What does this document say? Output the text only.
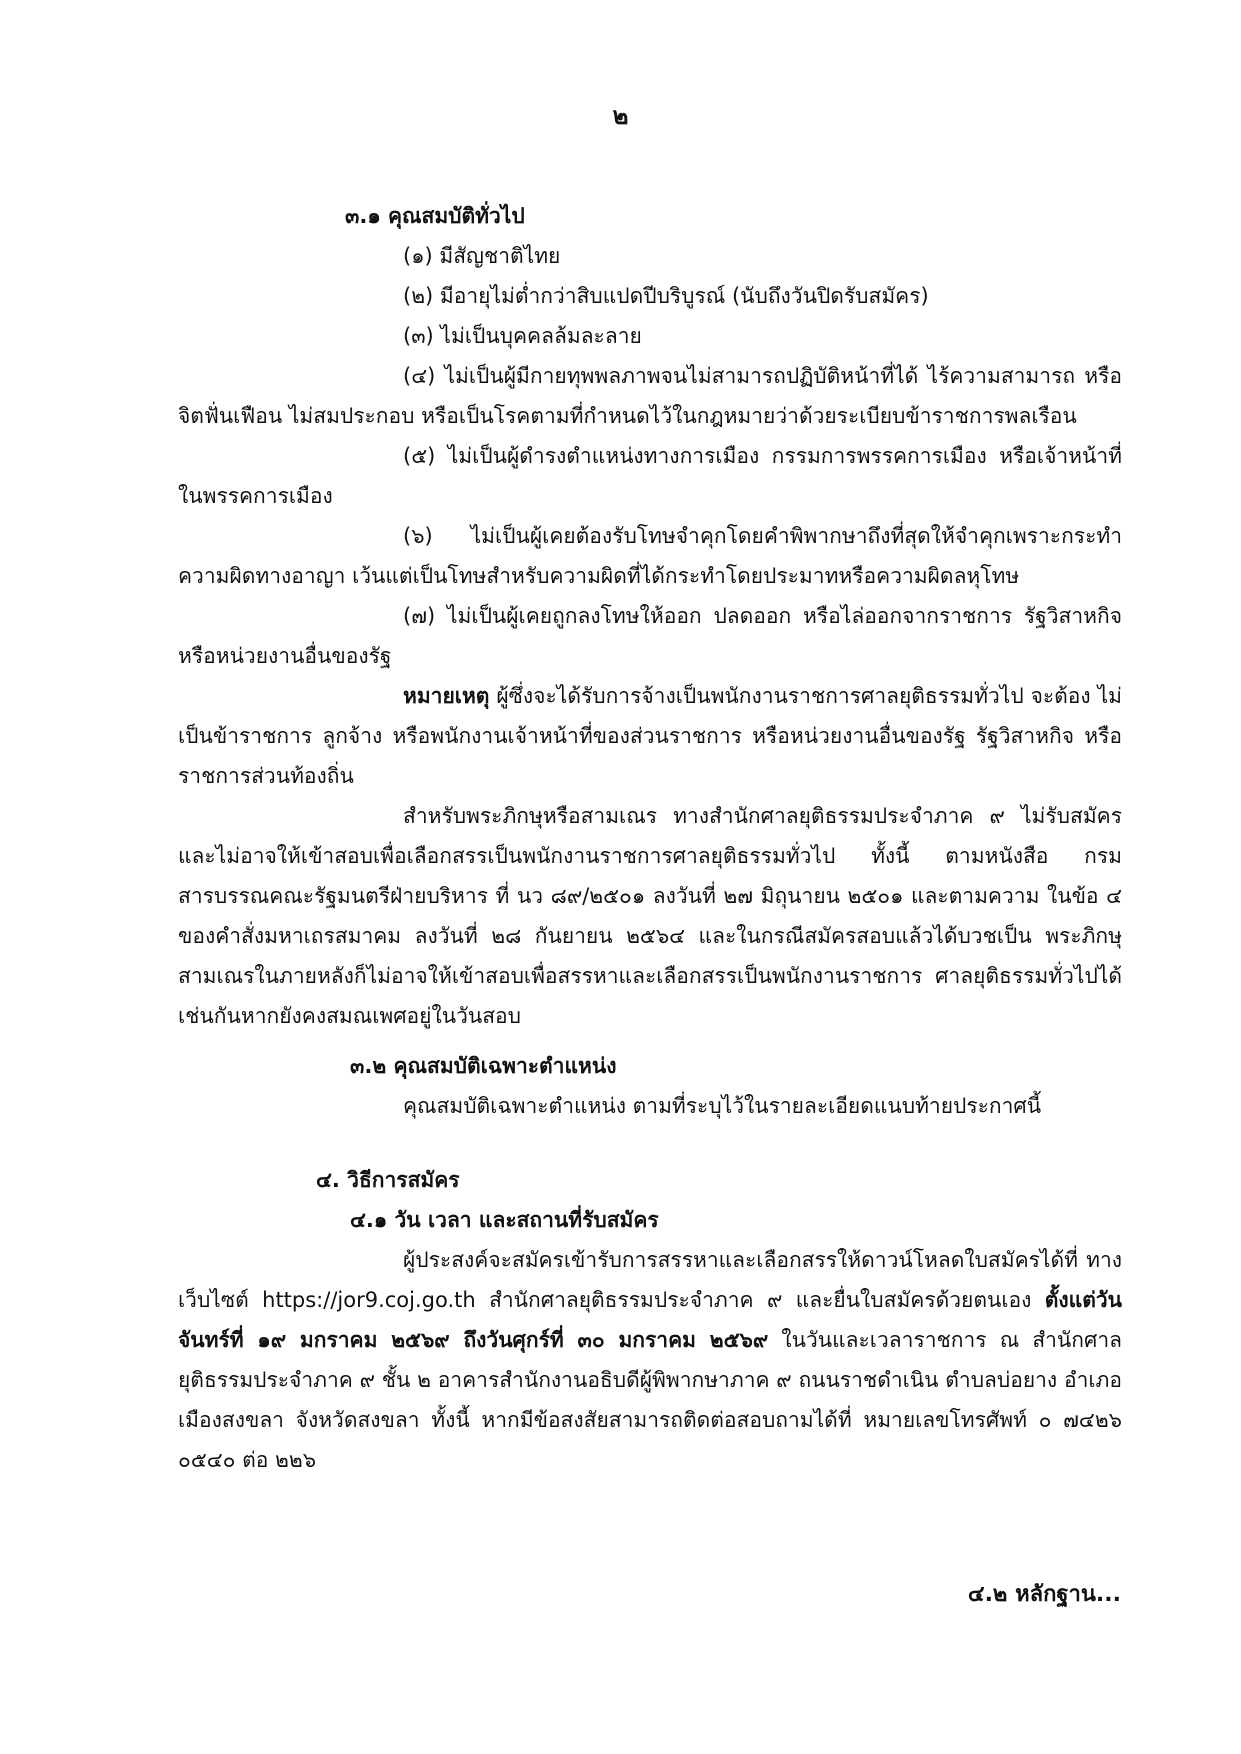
๒

๓.๑ คุณสมบัติทั่วไป

(๑) มีสัญชาติไทย

(๒) มีอายุไม่ต่ำกว่าสิบแปดปีบริบูรณ์ (นับถึงวันปิดรับสมัคร)

(๓) ไม่เป็นบุคคลล้มละลาย

(๔) ไม่เป็นผู้มีกายทุพพลภาพจนไม่สามารถปฏิบัติหน้าที่ได้ ไร้ความสามารถ หรือจิตฟั่นเฟือน ไม่สมประกอบ หรือเป็นโรคตามที่กำหนดไว้ในกฎหมายว่าด้วยระเบียบข้าราชการพลเรือน

(๕) ไม่เป็นผู้ดำรงตำแหน่งทางการเมือง กรรมการพรรคการเมือง หรือเจ้าหน้าที่ ในพรรคการเมือง

(๖) ไม่เป็นผู้เคยต้องรับโทษจำคุกโดยคำพิพากษาถึงที่สุดให้จำคุกเพราะกระทำ ความผิดทางอาญา เว้นแต่เป็นโทษสำหรับความผิดที่ได้กระทำโดยประมาทหรือความผิดลหุโทษ

(๗) ไม่เป็นผู้เคยถูกลงโทษให้ออก ปลดออก หรือไล่ออกจากราชการ รัฐวิสาหกิจ หรือหน่วยงานอื่นของรัฐ

หมายเหตุ ผู้ซึ่งจะได้รับการจ้างเป็นพนักงานราชการศาลยุติธรรมทั่วไป จะต้อง ไม่เป็นข้าราชการ ลูกจ้าง หรือพนักงานเจ้าหน้าที่ของส่วนราชการ หรือหน่วยงานอื่นของรัฐ รัฐวิสาหกิจ หรือราชการส่วนท้องถิ่น

สำหรับพระภิกษุหรือสามเณร ทางสำนักศาลยุติธรรมประจำภาค ๙ ไม่รับสมัคร และไม่อาจให้เข้าสอบเพื่อเลือกสรรเป็นพนักงานราชการศาลยุติธรรมทั่วไป ทั้งนี้ ตามหนังสือ กรมสารบรรณคณะรัฐมนตรีฝ่ายบริหาร ที่ นว ๘๙/๒๕๐๑ ลงวันที่ ๒๗ มิถุนายน ๒๕๐๑ และตามความ ในข้อ ๔ ของคำสั่งมหาเถรสมาคม ลงวันที่ ๒๘ กันยายน ๒๕๖๔ และในกรณีสมัครสอบแล้วได้บวชเป็น พระภิกษุ สามเณรในภายหลังก็ไม่อาจให้เข้าสอบเพื่อสรรหาและเลือกสรรเป็นพนักงานราชการ ศาลยุติธรรมทั่วไปได้เช่นกันหากยังคงสมณเพศอยู่ในวันสอบ

๓.๒ คุณสมบัติเฉพาะตำแหน่ง

คุณสมบัติเฉพาะตำแหน่ง ตามที่ระบุไว้ในรายละเอียดแนบท้ายประกาศนี้

๔. วิธีการสมัคร

๔.๑ วัน เวลา และสถานที่รับสมัคร

ผู้ประสงค์จะสมัครเข้ารับการสรรหาและเลือกสรรให้ดาวน์โหลดใบสมัครได้ที่ ทางเว็บไซต์ https://jor9.coj.go.th สำนักศาลยุติธรรมประจำภาค ๙ และยื่นใบสมัครด้วยตนเอง ตั้งแต่วันจันทร์ที่ ๑๙ มกราคม ๒๕๖๙ ถึงวันศุกร์ที่ ๓๐ มกราคม ๒๕๖๙ ในวันและเวลาราชการ ณ สำนักศาลยุติธรรมประจำภาค ๙ ชั้น ๒ อาคารสำนักงานอธิบดีผู้พิพากษาภาค ๙ ถนนราชดำเนิน ตำบลบ่อยาง อำเภอเมืองสงขลา จังหวัดสงขลา ทั้งนี้ หากมีข้อสงสัยสามารถติดต่อสอบถามได้ที่ หมายเลขโทรศัพท์ ๐ ๗๔๒๖ ๐๕๔๐ ต่อ ๒๒๖

๔.๒ หลักฐาน...
